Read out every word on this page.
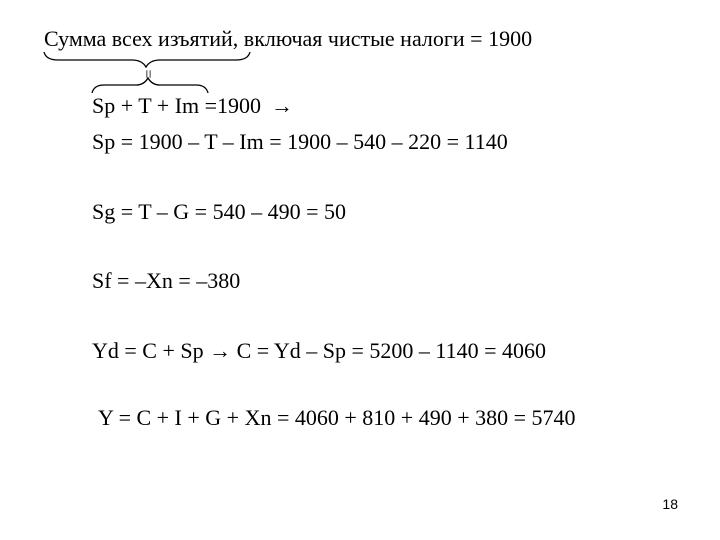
=
Сумма всех изъятий, включая чистые налоги = 1900
Sp + T + Im =1900 →
Sp = 1900 – T – Im = 1900 – 540 – 220 = 1140
Sg = T – G = 540 – 490 = 50
Sf = –Xn = –380
Yd = C + Sp → C = Yd – Sp = 5200 – 1140 = 4060
Y = C + I + G + Xn = 4060 + 810 + 490 + 380 = 5740
18
